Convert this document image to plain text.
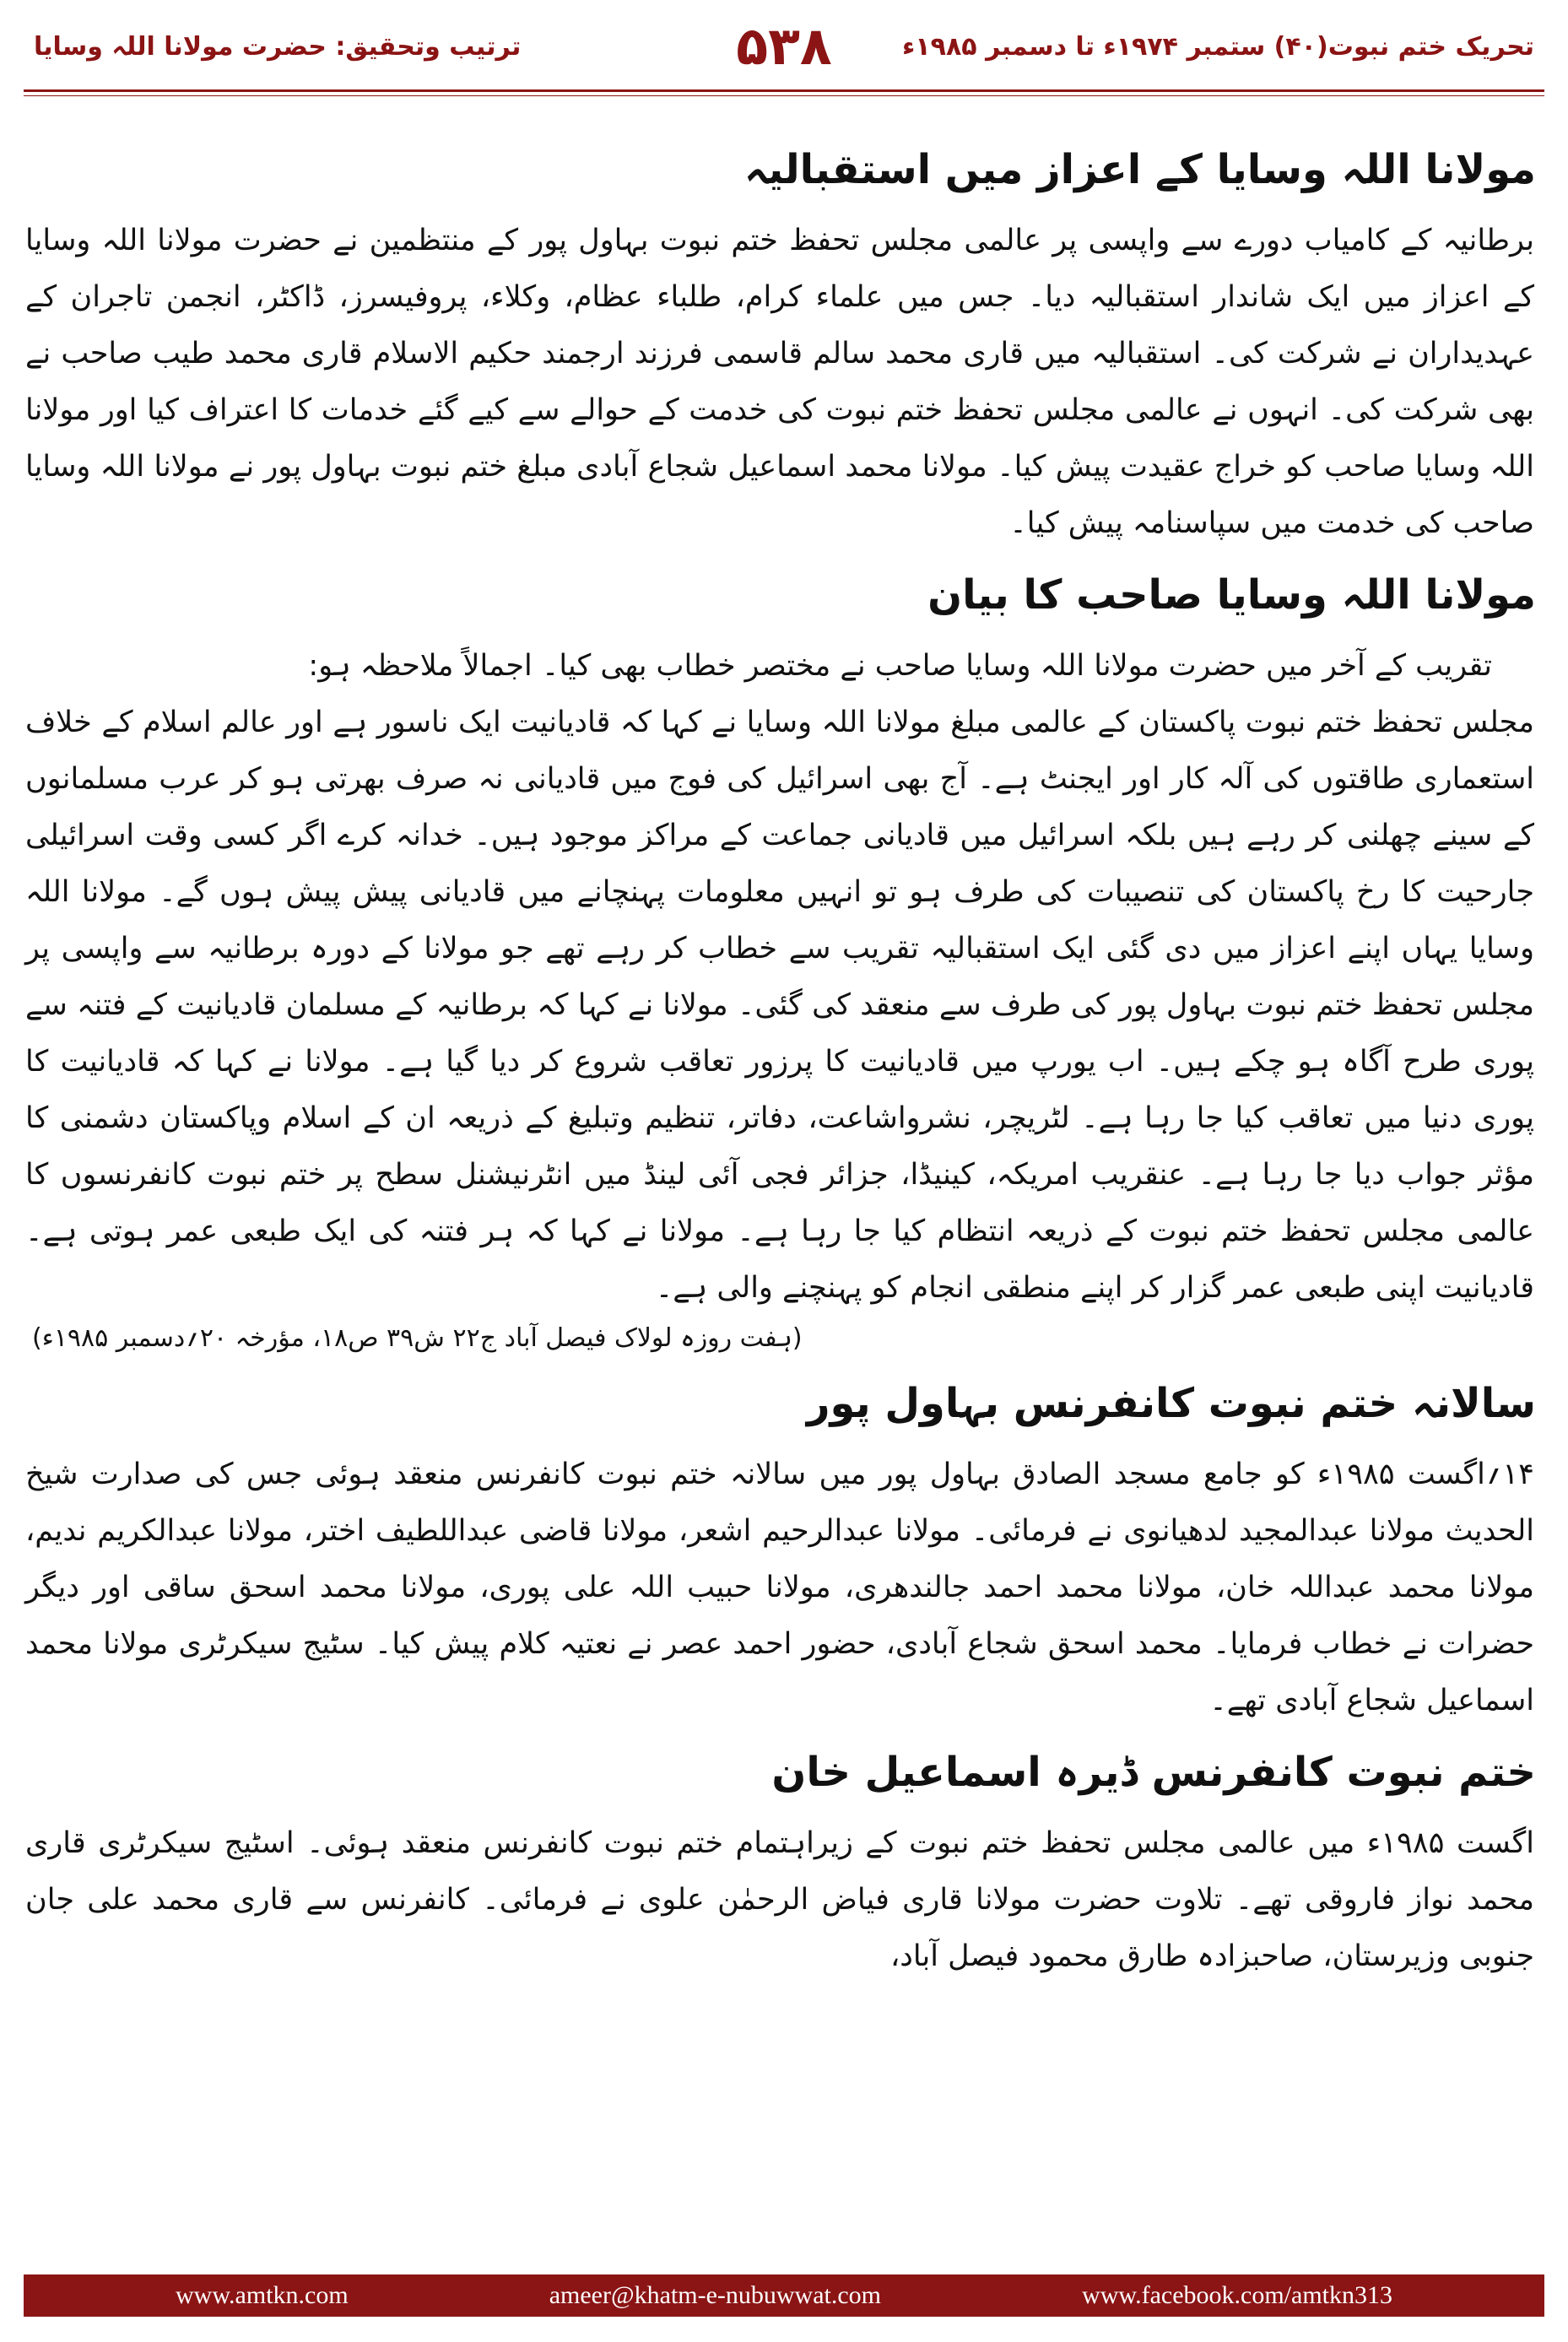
ترتیب وتحقیق: حضرت مولانا اللہ وسایا	۵۳۸	تحریک ختم نبوت(۴۰) ستمبر ۱۹۷۴ء تا دسمبر ۱۹۸۵ء
مولانا اللہ وسایا کے اعزاز میں استقبالیہ

برطانیہ کے کامیاب دورے سے واپسی پر عالمی مجلس تحفظ ختم نبوت بہاول پور کے منتظمین نے حضرت مولانا اللہ وسایا کے اعزاز میں ایک شاندار استقبالیہ دیا۔ جس میں علماء کرام، طلباء عظام، وکلاء، پروفیسرز، ڈاکٹر، انجمن تاجران کے عہدیداران نے شرکت کی۔ استقبالیہ میں قاری محمد سالم قاسمی فرزند ارجمند حکیم الاسلام قاری محمد طیب صاحب نے بھی شرکت کی۔ انہوں نے عالمی مجلس تحفظ ختم نبوت کی خدمت کے حوالے سے کیے گئے خدمات کا اعتراف کیا اور مولانا اللہ وسایا صاحب کو خراج عقیدت پیش کیا۔ مولانا محمد اسماعیل شجاع آبادی مبلغ ختم نبوت بہاول پور نے مولانا اللہ وسایا صاحب کی خدمت میں سپاسنامہ پیش کیا۔

مولانا اللہ وسایا صاحب کا بیان

تقریب کے آخر میں حضرت مولانا اللہ وسایا صاحب نے مختصر خطاب بھی کیا۔ اجمالاً ملاحظہ ہو:

مجلس تحفظ ختم نبوت پاکستان کے عالمی مبلغ مولانا اللہ وسایا نے کہا کہ قادیانیت ایک ناسور ہے اور عالم اسلام کے خلاف استعماری طاقتوں کی آلہ کار اور ایجنٹ ہے۔ آج بھی اسرائیل کی فوج میں قادیانی نہ صرف بھرتی ہو کر عرب مسلمانوں کے سینے چھلنی کر رہے ہیں بلکہ اسرائیل میں قادیانی جماعت کے مراکز موجود ہیں۔ خدانہ کرے اگر کسی وقت اسرائیلی جارحیت کا رخ پاکستان کی تنصیبات کی طرف ہو تو انہیں معلومات پہنچانے میں قادیانی پیش پیش ہوں گے۔ مولانا اللہ وسایا یہاں اپنے اعزاز میں دی گئی ایک استقبالیہ تقریب سے خطاب کر رہے تھے جو مولانا کے دورہ برطانیہ سے واپسی پر مجلس تحفظ ختم نبوت بہاول پور کی طرف سے منعقد کی گئی۔ مولانا نے کہا کہ برطانیہ کے مسلمان قادیانیت کے فتنہ سے پوری طرح آگاہ ہو چکے ہیں۔ اب یورپ میں قادیانیت کا پرزور تعاقب شروع کر دیا گیا ہے۔ مولانا نے کہا کہ قادیانیت کا پوری دنیا میں تعاقب کیا جا رہا ہے۔ لٹریچر، نشرواشاعت، دفاتر، تنظیم وتبلیغ کے ذریعہ ان کے اسلام وپاکستان دشمنی کا مؤثر جواب دیا جا رہا ہے۔ عنقریب امریکہ، کینیڈا، جزائر فجی آئی لینڈ میں انٹرنیشنل سطح پر ختم نبوت کانفرنسوں کا عالمی مجلس تحفظ ختم نبوت کے ذریعہ انتظام کیا جا رہا ہے۔ مولانا نے کہا کہ ہر فتنہ کی ایک طبعی عمر ہوتی ہے۔ قادیانیت اپنی طبعی عمر گزار کر اپنے منطقی انجام کو پہنچنے والی ہے۔

(ہفت روزہ لولاک فیصل آباد ج۲۲ ش۳۹ ص۱۸، مؤرخہ ۲۰؍دسمبر ۱۹۸۵ء)

سالانہ ختم نبوت کانفرنس بہاول پور

۱۴؍اگست ۱۹۸۵ء کو جامع مسجد الصادق بہاول پور میں سالانہ ختم نبوت کانفرنس منعقد ہوئی جس کی صدارت شیخ الحدیث مولانا عبدالمجید لدھیانوی نے فرمائی۔ مولانا عبدالرحیم اشعر، مولانا قاضی عبداللطیف اختر، مولانا عبدالکریم ندیم، مولانا محمد عبداللہ خان، مولانا محمد احمد جالندھری، مولانا حبیب اللہ علی پوری، مولانا محمد اسحق ساقی اور دیگر حضرات نے خطاب فرمایا۔ محمد اسحق شجاع آبادی، حضور احمد عصر نے نعتیہ کلام پیش کیا۔ سٹیج سیکرٹری مولانا محمد اسماعیل شجاع آبادی تھے۔

ختم نبوت کانفرنس ڈیرہ اسماعیل خان

اگست ۱۹۸۵ء میں عالمی مجلس تحفظ ختم نبوت کے زیراہتمام ختم نبوت کانفرنس منعقد ہوئی۔ اسٹیج سیکرٹری قاری محمد نواز فاروقی تھے۔ تلاوت حضرت مولانا قاری فیاض الرحمٰن علوی نے فرمائی۔ کانفرنس سے قاری محمد علی جان جنوبی وزیرستان، صاحبزادہ طارق محمود فیصل آباد،

www.amtkn.com	ameer@khatm-e-nubuwwat.com	www.facebook.com/amtkn313
